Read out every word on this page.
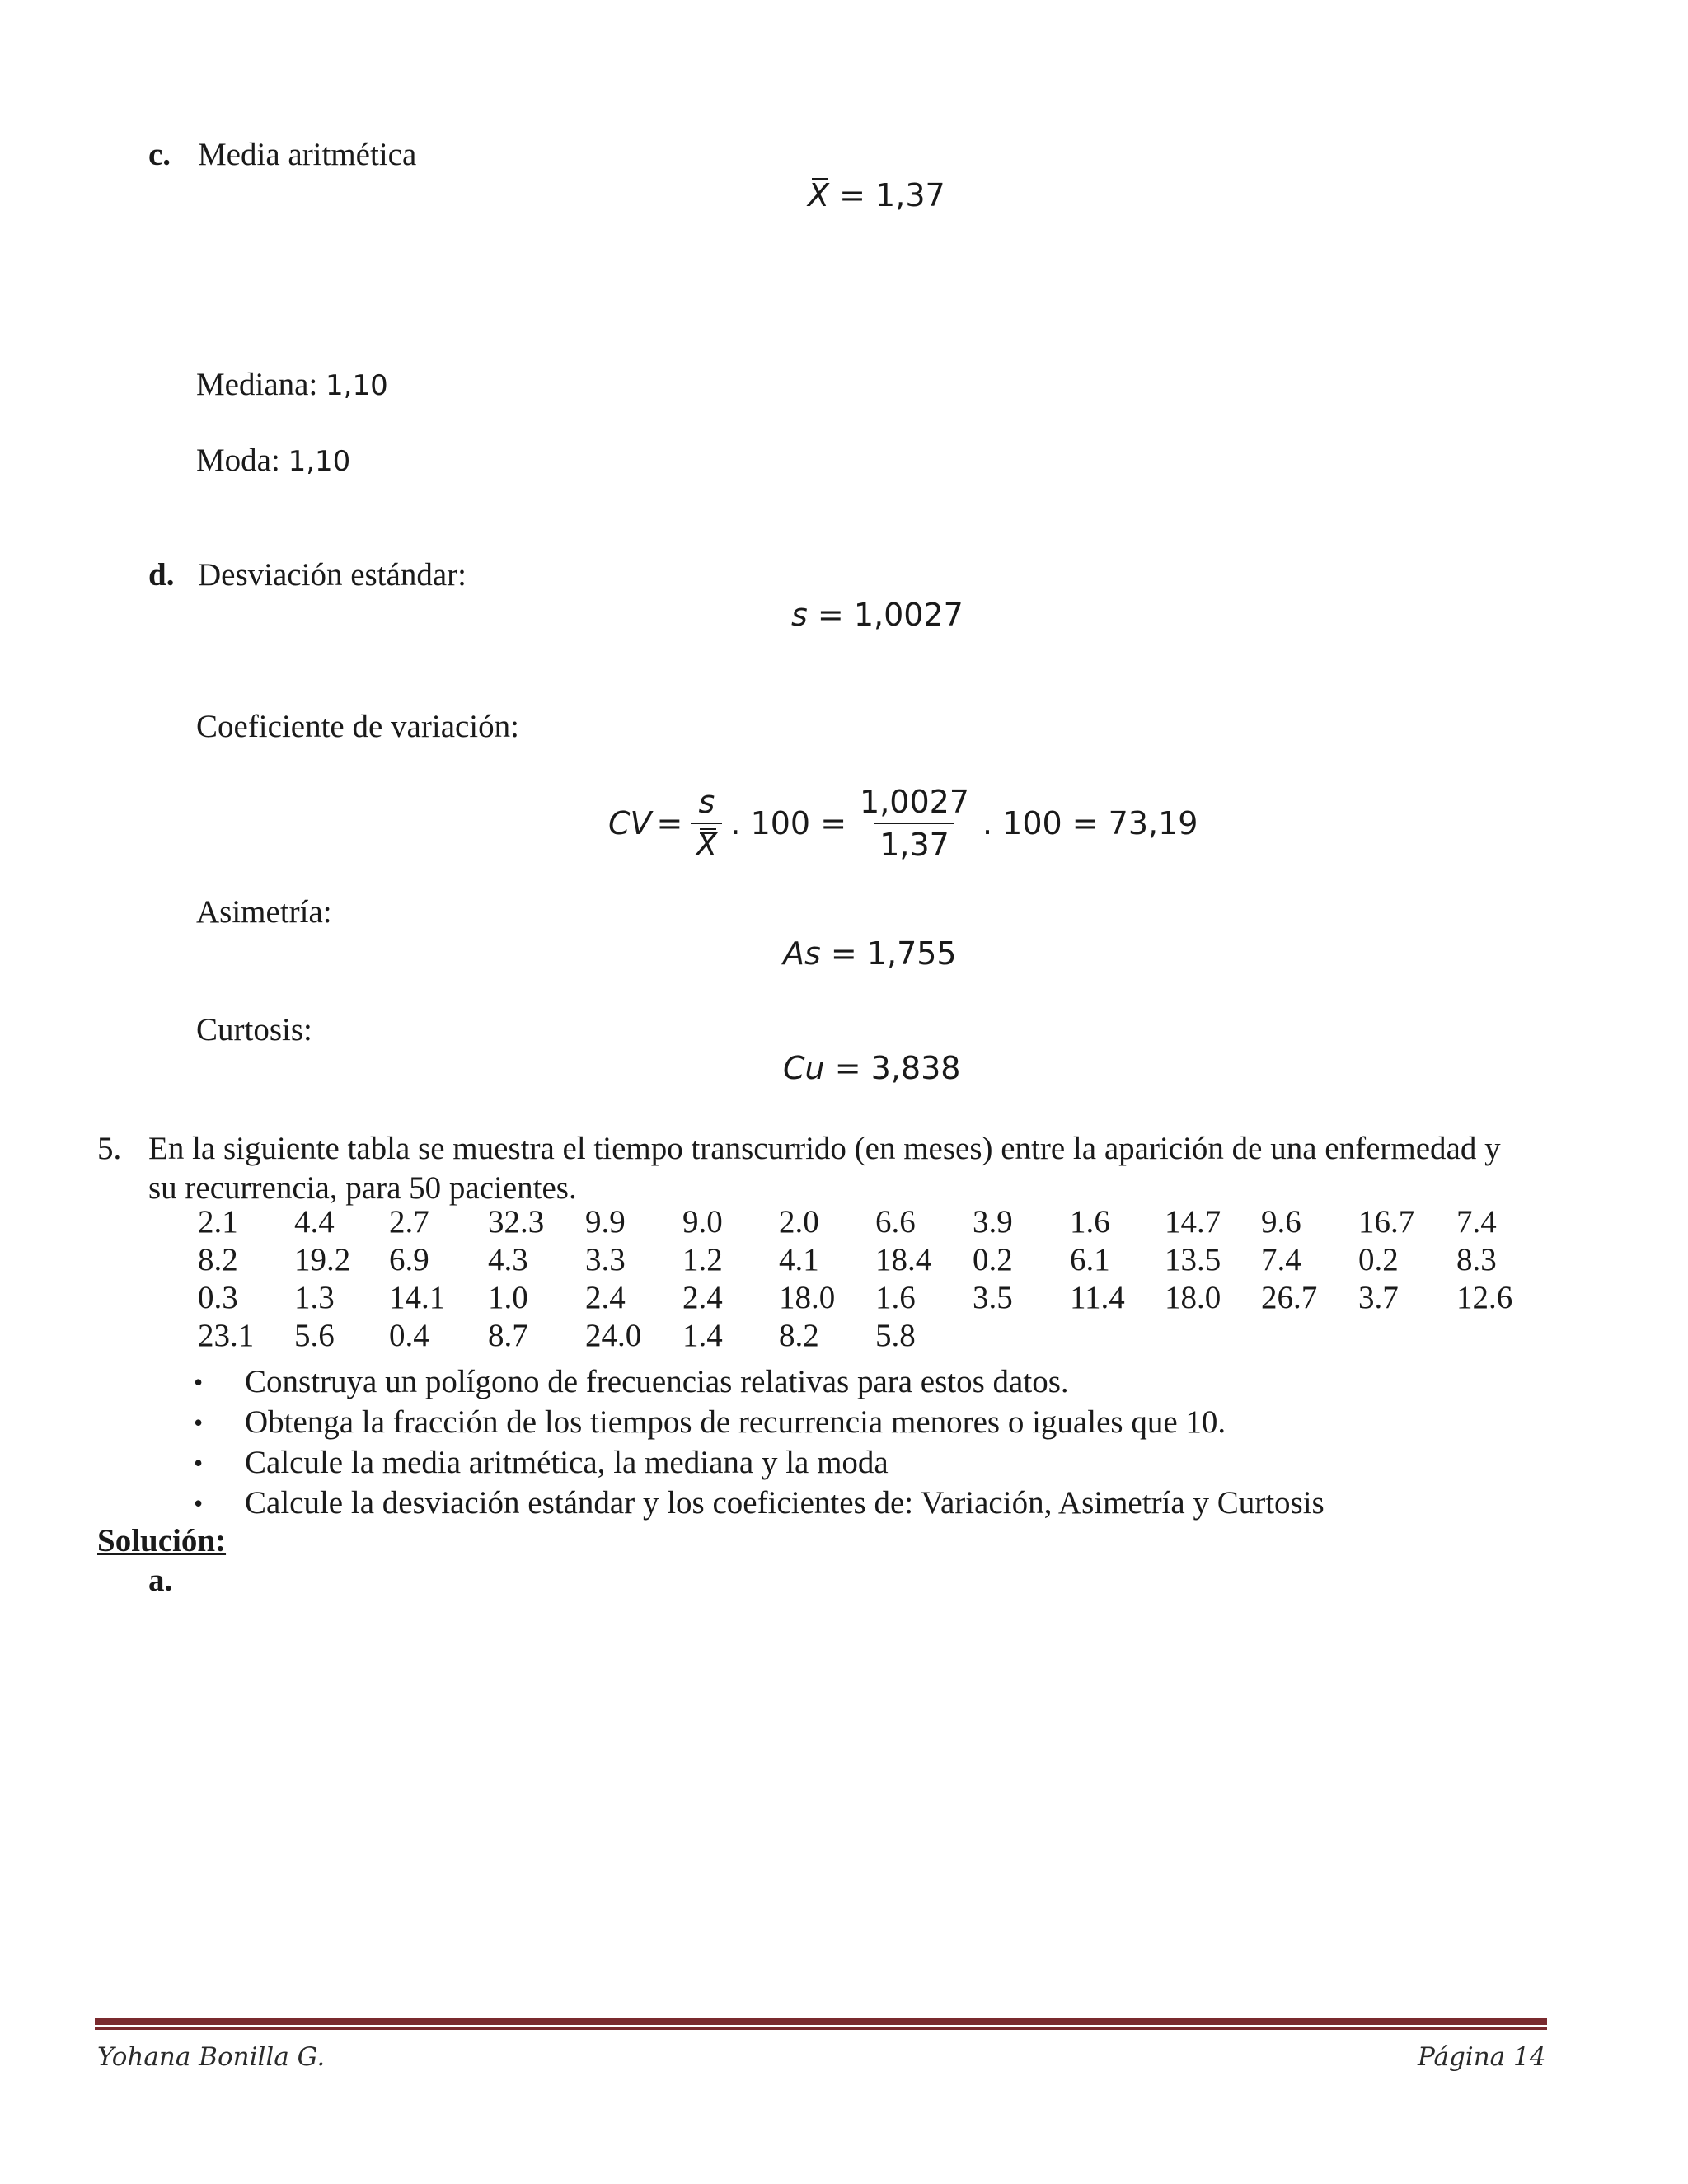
c. Media aritmética
X = 1,37
Mediana: 1,10
Moda: 1,10
d. Desviación estándar:
s = 1,0027
Coeficiente de variación:
CV = $\frac{s}{X}$ . $100 = \frac{1,0027}{1,37}$ . 100 = 73,19
Asimetría:
As = 1,755
Curtosis:
Cu = 3,838
5. En la siguiente tabla se muestra el tiempo transcurrido (en meses) entre la aparición de una enfermedad y
su recurrencia, para 50 pacientes.
2.1 4.4 2.7 32.3 9.9 9.0 2.0 6.6 3.9 1.6 14.7 9.6 16.7 7.4
8.2 19.2 6.9 4.3 3.3 1.2 4.1 18.4 0.2 6.1 13.5 7.4 0.2 8.3
0.3 1.3 14.1 1.0 2.4 2.4 18.0 1.6 3.5 11.4 18.0 26.7 3.7 12.6
23.1 5.6 0.4 8.7 24.0 1.4 8.2 5.8
• Construya un polígono de frecuencias relativas para estos datos.
• Obtenga la fracción de los tiempos de recurrencia menores o iguales que 10.
• Calcule la media aritmética, la mediana y la moda
• Calcule la desviación estándar y los coeficientes de: Variación, Asimetría y Curtosis
Solución:
a.
Yohana Bonilla G.	Página 14
